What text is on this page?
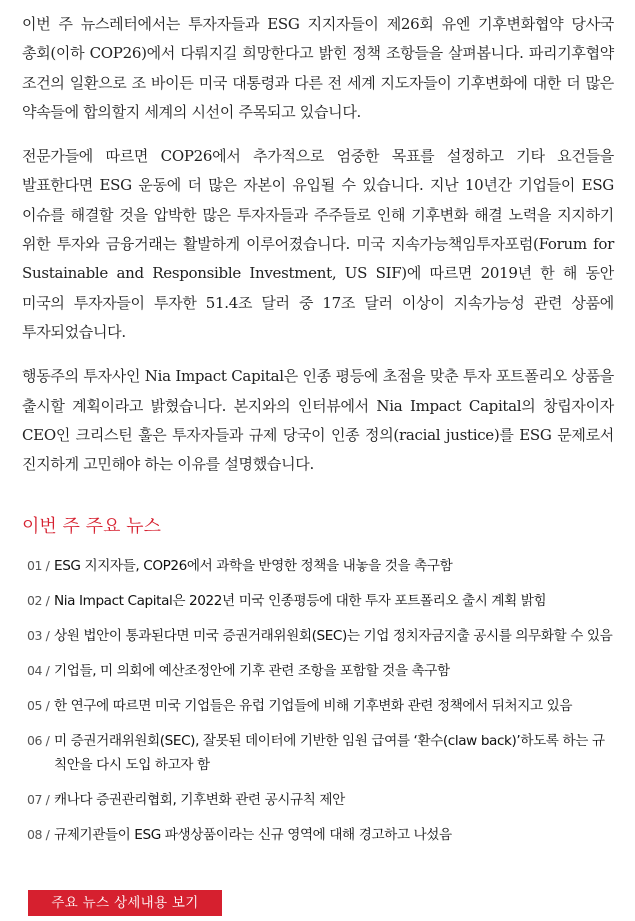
이번 주 뉴스레터에서는 투자자들과 ESG 지지자들이 제26회 유엔 기후변화협약 당사국 총회(이하 COP26)에서 다뤄지길 희망한다고 밝힌 정책 조항들을 살펴봅니다. 파리기후협약 조건의 일환으로 조 바이든 미국 대통령과 다른 전 세계 지도자들이 기후변화에 대한 더 많은 약속들에 합의할지 세계의 시선이 주목되고 있습니다.

전문가들에 따르면 COP26에서 추가적으로 엄중한 목표를 설정하고 기타 요건들을 발표한다면 ESG 운동에 더 많은 자본이 유입될 수 있습니다. 지난 10년간 기업들이 ESG 이슈를 해결할 것을 압박한 많은 투자자들과 주주들로 인해 기후변화 해결 노력을 지지하기 위한 투자와 금융거래는 활발하게 이루어졌습니다. 미국 지속가능책임투자포럼(Forum for Sustainable and Responsible Investment, US SIF)에 따르면 2019년 한 해 동안 미국의 투자자들이 투자한 51.4조 달러 중 17조 달러 이상이 지속가능성 관련 상품에 투자되었습니다.

행동주의 투자사인 Nia Impact Capital은 인종 평등에 초점을 맞춘 투자 포트폴리오 상품을 출시할 계획이라고 밝혔습니다. 본지와의 인터뷰에서 Nia Impact Capital의 창립자이자 CEO인 크리스틴 훌은 투자자들과 규제 당국이 인종 정의(racial justice)를 ESG 문제로서 진지하게 고민해야 하는 이유를 설명했습니다.

이번 주 주요 뉴스
01 / ESG 지지자들, COP26에서 과학을 반영한 정책을 내놓을 것을 촉구함
02 / Nia Impact Capital은 2022년 미국 인종평등에 대한 투자 포트폴리오 출시 계획 밝힘
03 / 상원 법안이 통과된다면 미국 증권거래위원회(SEC)는 기업 정치자금지출 공시를 의무화할 수 있음
04 / 기업들, 미 의회에 예산조정안에 기후 관련 조항을 포함할 것을 촉구함
05 / 한 연구에 따르면 미국 기업들은 유럽 기업들에 비해 기후변화 관련 정책에서 뒤처지고 있음
06 / 미 증권거래위원회(SEC), 잘못된 데이터에 기반한 임원 급여를 ‘환수(claw back)’하도록 하는 규칙안을 다시 도입 하고자 함
07 / 캐나다 증권관리협회, 기후변화 관련 공시규칙 제안
08 / 규제기관들이 ESG 파생상품이라는 신규 영역에 대해 경고하고 나섰음
주요 뉴스 상세내용 보기
